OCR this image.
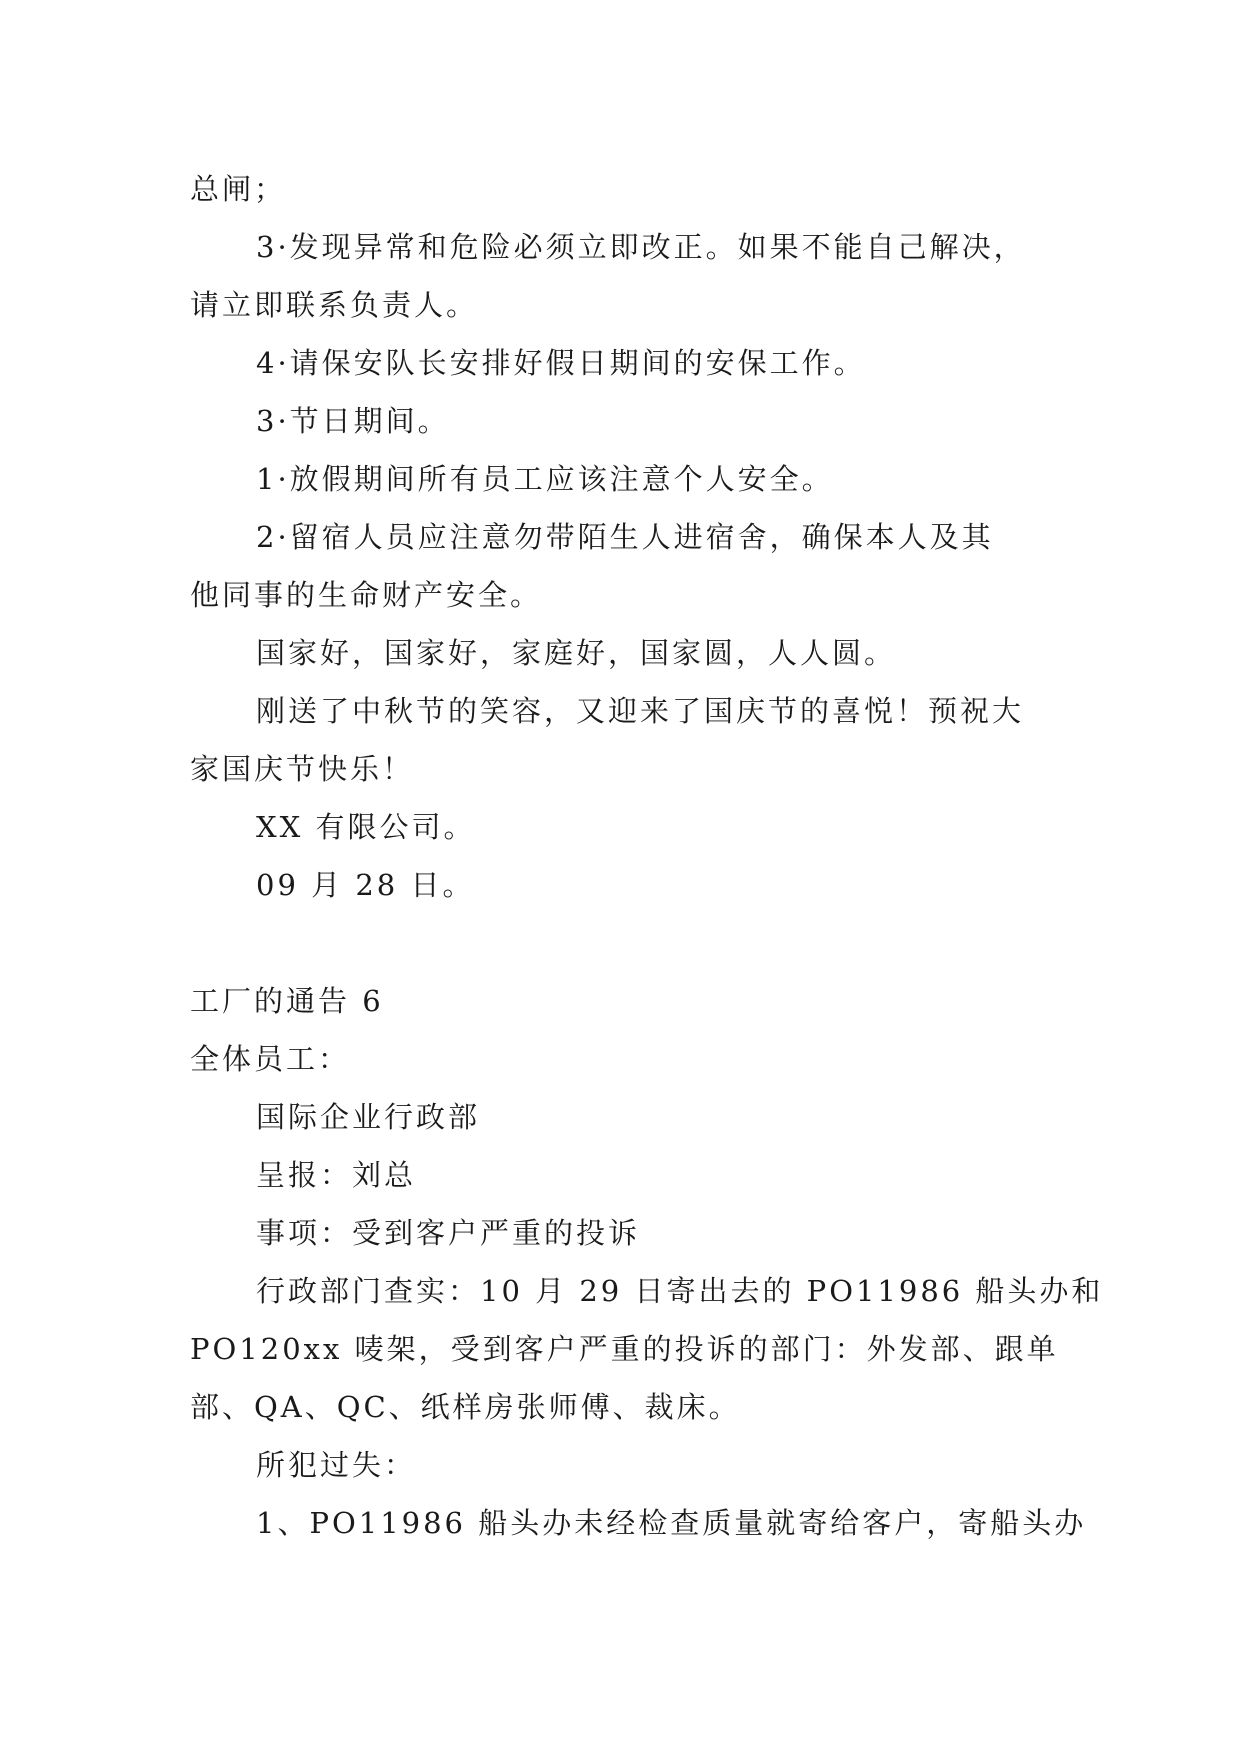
总闸；

3·发现异常和危险必须立即改正。如果不能自己解决，

请立即联系负责人。

4·请保安队长安排好假日期间的安保工作。

3·节日期间。

1·放假期间所有员工应该注意个人安全。

2·留宿人员应注意勿带陌生人进宿舍，确保本人及其

他同事的生命财产安全。

国家好，国家好，家庭好，国家圆，人人圆。

刚送了中秋节的笑容，又迎来了国庆节的喜悦！预祝大

家国庆节快乐！

XX 有限公司。

09 月 28 日。

工厂的通告 6

全体员工：

国际企业行政部

呈报：刘总

事项：受到客户严重的投诉

行政部门查实：10 月 29 日寄出去的 PO11986 船头办和

PO120xx 唛架，受到客户严重的投诉的部门：外发部、跟单

部、QA、QC、纸样房张师傅、裁床。

所犯过失：

1、PO11986 船头办未经检查质量就寄给客户，寄船头办
